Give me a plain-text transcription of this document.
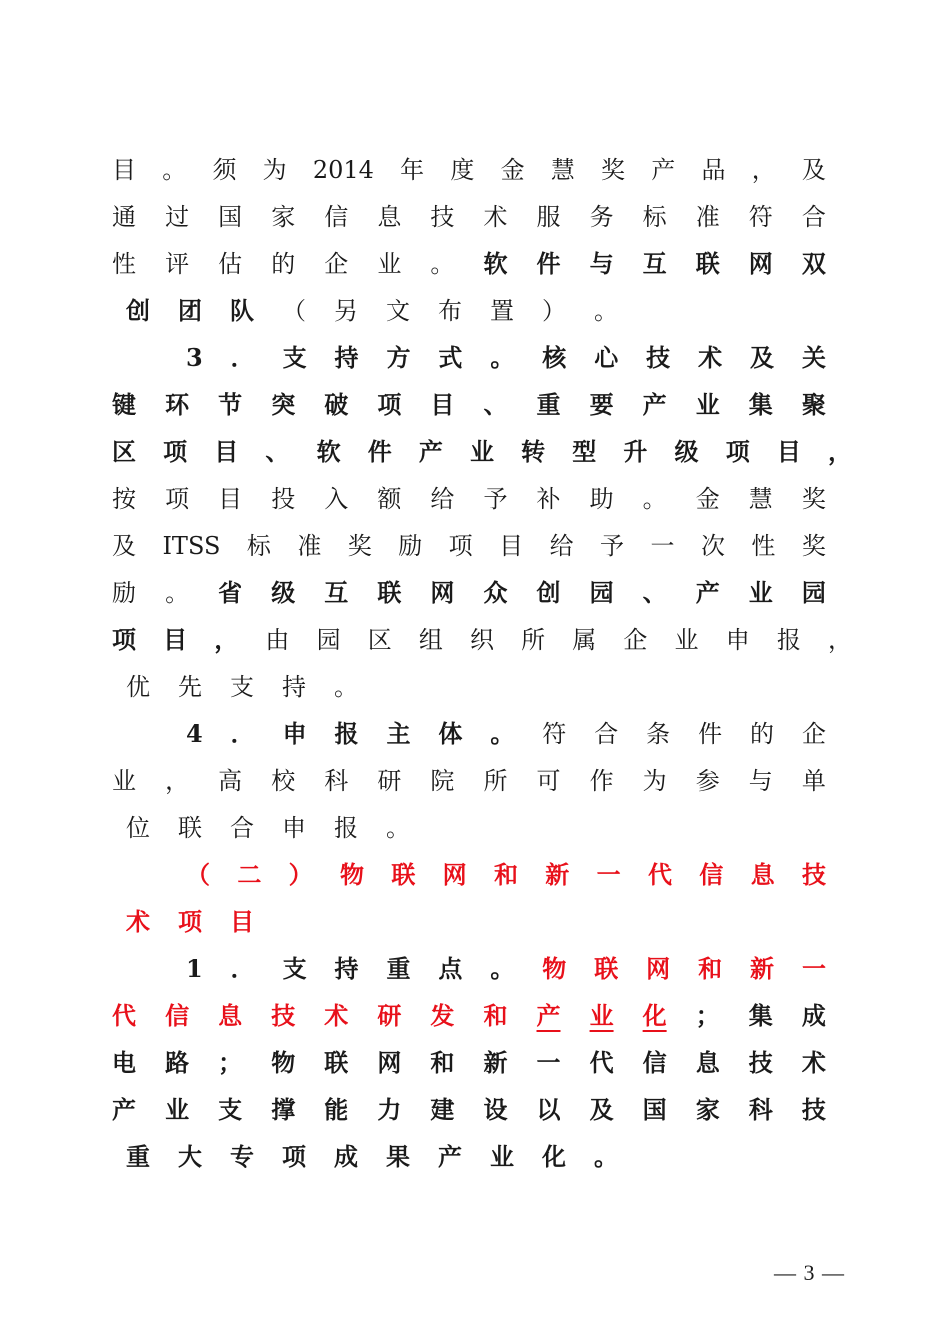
目 。 须 为 2014 年 度 金 慧 奖 产 品 ， 及
通 过 国 家 信 息 技 术 服 务 标 准 符 合
性 评 估 的 企 业 。 软 件 与 互 联 网 双
创	团	队	（	另	文	布	置	）	。
3 ． 支 持 方 式 。 核 心 技 术 及 关
键 环 节 突 破 项 目 、 重 要 产 业 集 聚
区 项 目 、 软 件 产 业 转 型 升 级 项 目 ，
按 项 目 投 入 额 给 予 补 助 。 金 慧 奖
及 ITSS 标 准 奖 励 项 目 给 予 一 次 性 奖
励 。 省 级 互 联 网 众 创 园 、 产 业 园
项 目 ， 由 园 区 组 织 所 属 企 业 申 报 ，
优	先	支	持	。
4 ． 申 报 主 体 。 符 合 条 件 的 企
业 ， 高 校 科 研 院 所 可 作 为 参 与 单
位	联	合	申	报	。
（ 二 ） 物 联 网 和 新 一 代 信 息 技
术	项	目
1 ． 支 持 重 点 。 物 联 网 和 新 一
代 信 息 技 术 研 发 和 产 业 化 ； 集 成
电 路 ； 物 联 网 和 新 一 代 信 息 技 术
产 业 支 撑 能 力 建 设 以 及 国 家 科 技
重	大	专	项	成	果	产	业	化	。
— 3 —
